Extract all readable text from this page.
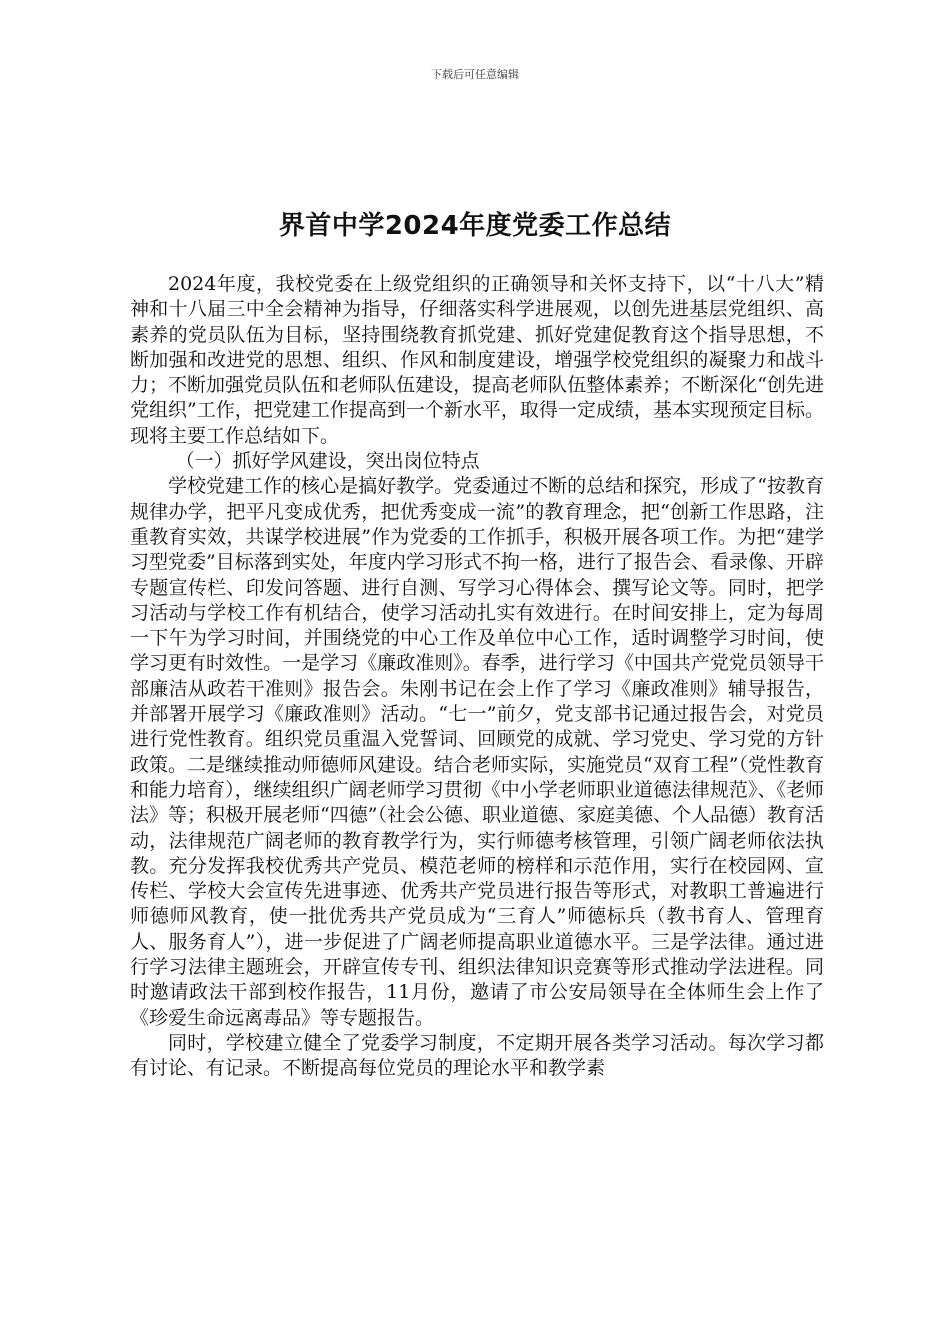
下载后可任意编辑
界首中学2024年度党委工作总结

2024年度，我校党委在上级党组织的正确领导和关怀支持下，以“十八大”精神和十八届三中全会精神为指导，仔细落实科学进展观，以创先进基层党组织、高素养的党员队伍为目标，坚持围绕教育抓党建、抓好党建促教育这个指导思想，不断加强和改进党的思想、组织、作风和制度建设，增强学校党组织的凝聚力和战斗力；不断加强党员队伍和老师队伍建设，提高老师队伍整体素养；不断深化“创先进党组织”工作，把党建工作提高到一个新水平，取得一定成绩，基本实现预定目标。现将主要工作总结如下。

（一）抓好学风建设，突出岗位特点

学校党建工作的核心是搞好教学。党委通过不断的总结和探究，形成了“按教育规律办学，把平凡变成优秀，把优秀变成一流”的教育理念，把“创新工作思路，注重教育实效，共谋学校进展”作为党委的工作抓手，积极开展各项工作。为把“建学习型党委”目标落到实处，年度内学习形式不拘一格，进行了报告会、看录像、开辟专题宣传栏、印发问答题、进行自测、写学习心得体会、撰写论文等。同时，把学习活动与学校工作有机结合，使学习活动扎实有效进行。在时间安排上，定为每周一下午为学习时间，并围绕党的中心工作及单位中心工作，适时调整学习时间，使学习更有时效性。一是学习《廉政准则》。春季，进行学习《中国共产党党员领导干部廉洁从政若干准则》报告会。朱刚书记在会上作了学习《廉政准则》辅导报告，并部署开展学习《廉政准则》活动。“七一”前夕，党支部书记通过报告会，对党员进行党性教育。组织党员重温入党誓词、回顾党的成就、学习党史、学习党的方针政策。二是继续推动师德师风建设。结合老师实际，实施党员“双育工程”（党性教育和能力培育），继续组织广阔老师学习贯彻《中小学老师职业道德法律规范》、《老师法》等；积极开展老师“四德”（社会公德、职业道德、家庭美德、个人品德）教育活动，法律规范广阔老师的教育教学行为，实行师德考核管理，引领广阔老师依法执教。充分发挥我校优秀共产党员、模范老师的榜样和示范作用，实行在校园网、宣传栏、学校大会宣传先进事迹、优秀共产党员进行报告等形式，对教职工普遍进行师德师风教育，使一批优秀共产党员成为“三育人”师德标兵（教书育人、管理育人、服务育人”），进一步促进了广阔老师提高职业道德水平。三是学法律。通过进行学习法律主题班会，开辟宣传专刊、组织法律知识竞赛等形式推动学法进程。同时邀请政法干部到校作报告，11月份，邀请了市公安局领导在全体师生会上作了《珍爱生命远离毒品》等专题报告。

同时，学校建立健全了党委学习制度，不定期开展各类学习活动。每次学习都有讨论、有记录。不断提高每位党员的理论水平和教学素
